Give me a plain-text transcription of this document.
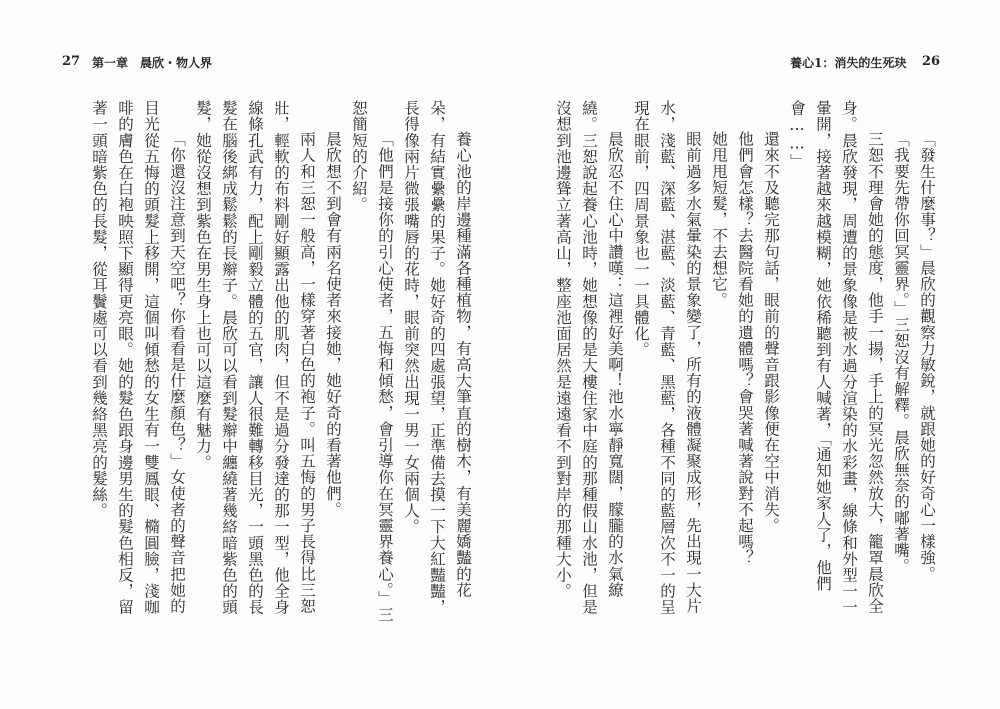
27 第一章　晨欣・物人界

養心池的岸邊種滿各種植物，有高大筆直的樹木，有美麗嬌豔的花朵，有結實纍纍的果子。她好奇的四處張望，正準備去摸一下大紅豔豔，長得像兩片微張嘴唇的花時，眼前突然出現一男一女兩個人。

「他們是接你的引心使者，五悔和傾愁，會引導你在冥靈界養心。」三恕簡短的介紹。

晨欣想不到會有兩名使者來接她，她好奇的看著他們。

兩人和三恕一般高，一樣穿著白色的袍子。叫五悔的男子長得比三恕壯，輕軟的布料剛好顯露出他的肌肉，但不是過分發達的那一型，他全身線條孔武有力，配上剛毅立體的五官，讓人很難轉移目光，一頭黑色的長髮在腦後綁成鬆鬆的長辮子。晨欣可以看到髮辮中纏繞著幾絡暗紫色的頭髮，她從沒想到紫色在男生身上也可以這麼有魅力。

「你還沒注意到天空吧？你看看是什麼顏色？」女使者的聲音把她的目光從五悔的頭髮上移開，這個叫傾愁的女生有一雙鳳眼、橢圓臉，淺咖啡的膚色在白袍映照下顯得更亮眼。她的髮色跟身邊男生的髮色相反，留著一頭暗紫色的長髮，從耳鬢處可以看到幾絡黑亮的髮絲。

養心1：消失的生死玦 26

「發生什麼事？」晨欣的觀察力敏銳，就跟她的好奇心一樣強。

「我要先帶你回冥靈界。」三恕沒有解釋。晨欣無奈的嘟著嘴。

三恕不理會她的態度，他手一揚，手上的冥光忽然放大，籠罩晨欣全身。晨欣發現，周遭的景象像是被水過分渲染的水彩畫，線條和外型一一暈開，接著越來越模糊，她依稀聽到有人喊著，「通知她家人了，他們會……」

還來不及聽完那句話，眼前的聲音跟影像便在空中消失。

他們會怎樣？去醫院看她的遺體嗎？會哭著喊著說對不起嗎？

她甩甩短髮，不去想它。

眼前過多水氣暈染的景象變了，所有的液體凝聚成形，先出現一大片水，淺藍、深藍、湛藍、淡藍、青藍、黑藍，各種不同的藍層次不一的呈現在眼前，四周景象也一一具體化。

晨欣忍不住心中讚嘆：這裡好美啊！池水寧靜寬闊，朦朧的水氣繚繞。三恕說起養心池時，她想像的是大樓住家中庭的那種假山水池，但是沒想到池邊聳立著高山，整座池面居然是遠遠看不到對岸的那種大小。
